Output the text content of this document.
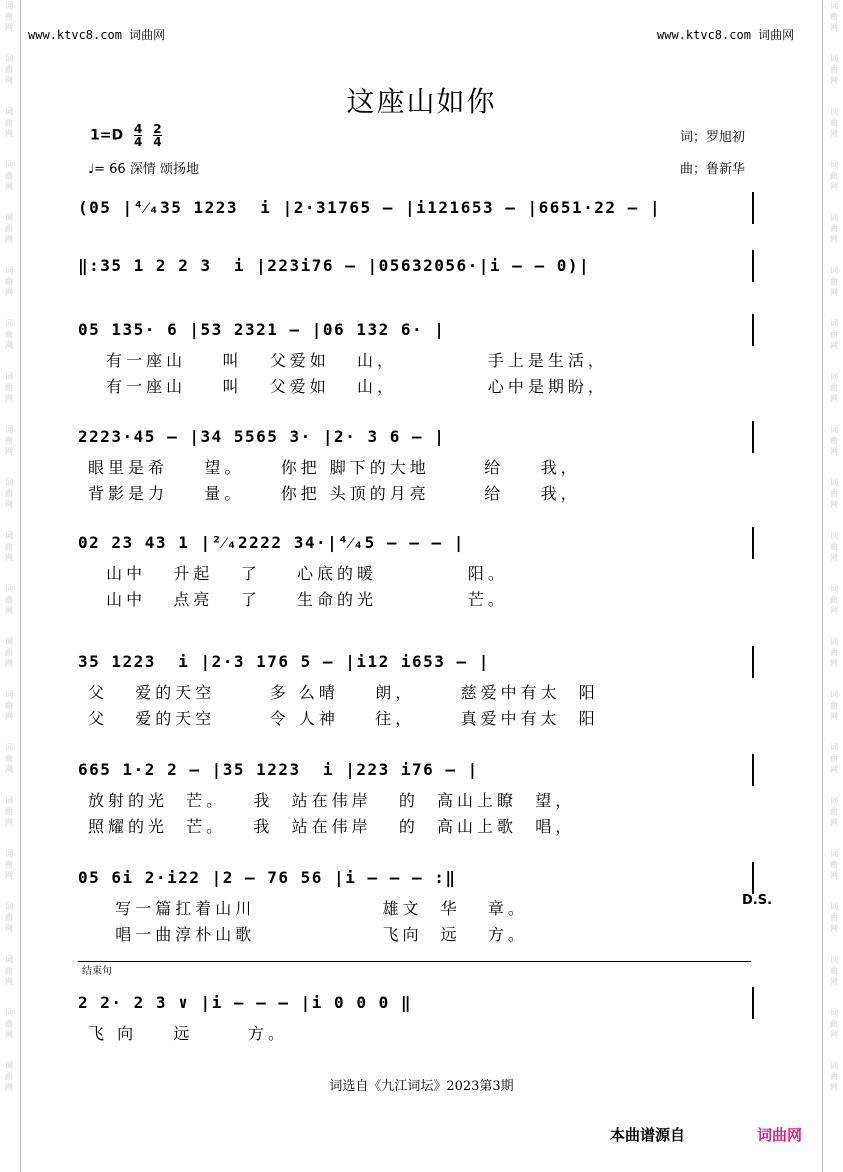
词
曲
网
词
曲
网
词
曲
网
词
曲
网
词
曲
网
词
曲
网
词
曲
网
词
曲
网
词
曲
网
词
曲
网
词
曲
网
词
曲
网
词
曲
网
词
曲
网
词
曲
网
词
曲
网
词
曲
网
词
曲
网
词
曲
网
词
曲
网
词
曲
网
词
曲
网
词
曲
网
词
曲
网
词
曲
网
词
曲
网
词
曲
网
词
曲
网
词
曲
网
词
曲
网
词
曲
网
词
曲
网
词
曲
网
词
曲
网
词
曲
网
词
曲
网
词
曲
网
词
曲
网
词
曲
网
词
曲
网
词
曲
网
词
曲
网
www.ktvc8.com 词曲网	www.ktvc8.com 词曲网
这座山如你
$1=D \frac{4}{4}$
$\frac{2}{4}$
♩= 66 深情 颂扬地
词；罗旭初
曲；鲁新华
(05 |⁴⁄₄35 1223  i |2·31765 – |i121653 – |6651·22 – |
‖:35 1 2 2 3  i |223i76 – |05632056·|i – – 0)|
05 135· 6 |53 2321 – |06 132 6· |
有一座山    叫   父爱如   山，          手上是生活，
有一座山    叫   父爱如   山，          心中是期盼，
2223·45 – |34 5565 3· |2· 3 6 – |
眼里是希    望。    你把 脚下的大地      给    我，
背影是力    量。    你把 头顶的月亮      给    我，
02 23 43 1 |²⁄₄2222 34·|⁴⁄₄5 – – – |
山中   升起   了    心底的暖          阳。
山中   点亮   了    生命的光          芒。
35 1223  i |2·3 176 5 – |i12 i653 – |
父   爱的天空      多 么晴    朗，     慈爱中有太  阳
父   爱的天空      令 人神    往，     真爱中有太  阳
665 1·2 2 – |35 1223  i |223 i76 – |
放射的光  芒。   我  站在伟岸   的  高山上瞭  望，
照耀的光  芒。   我  站在伟岸   的  高山上歌  唱，
05 6i 2·i22 |2 – 76 56 |i – – – :‖
写一篇扛着山川              雄文  华   章。
唱一曲淳朴山歌              飞向  远   方。
2 2· 2 3 ∨ |i – – – |i 0 0 0 ‖
飞 向    远      方。
D.S.
结束句
词选自《九江词坛》2023第3期
本曲谱源自	词曲网
